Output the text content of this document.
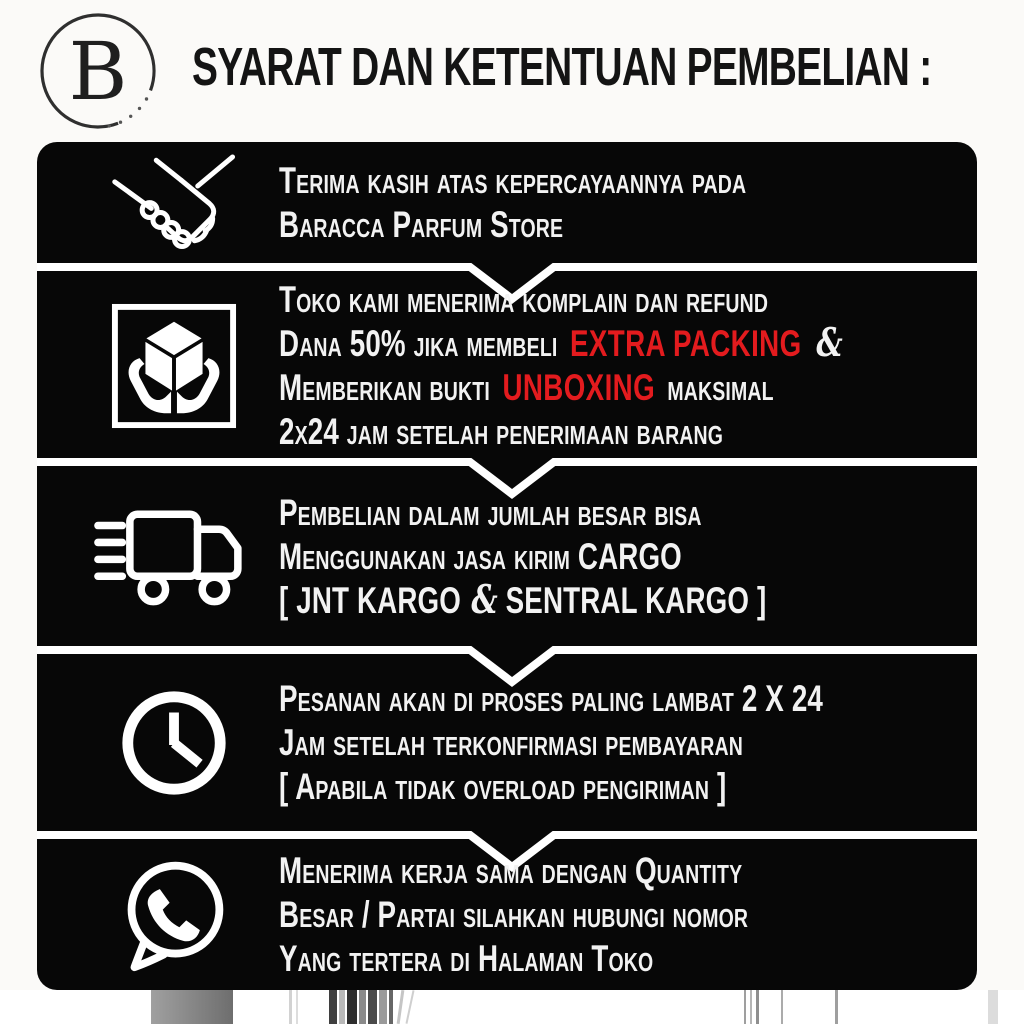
B SYARAT DAN KETENTUAN PEMBELIAN :
Terima kasih atas kepercayaannya pada
Baracca Parfum Store
Toko kami menerima komplain dan refund
Dana 50% jika membeli EXTRA PACKING &
Memberikan bukti UNBOXING maksimal
2x24 jam setelah penerimaan barang
Pembelian dalam jumlah besar bisa
Menggunakan jasa kirim CARGO
[ JNT KARGO & SENTRAL KARGO ]
Pesanan akan di proses paling lambat 2 X 24
Jam setelah terkonfirmasi pembayaran
[ Apabila tidak overload pengiriman ]
Menerima kerja sama dengan Quantity
Besar / Partai silahkan hubungi nomor
Yang tertera di Halaman Toko
